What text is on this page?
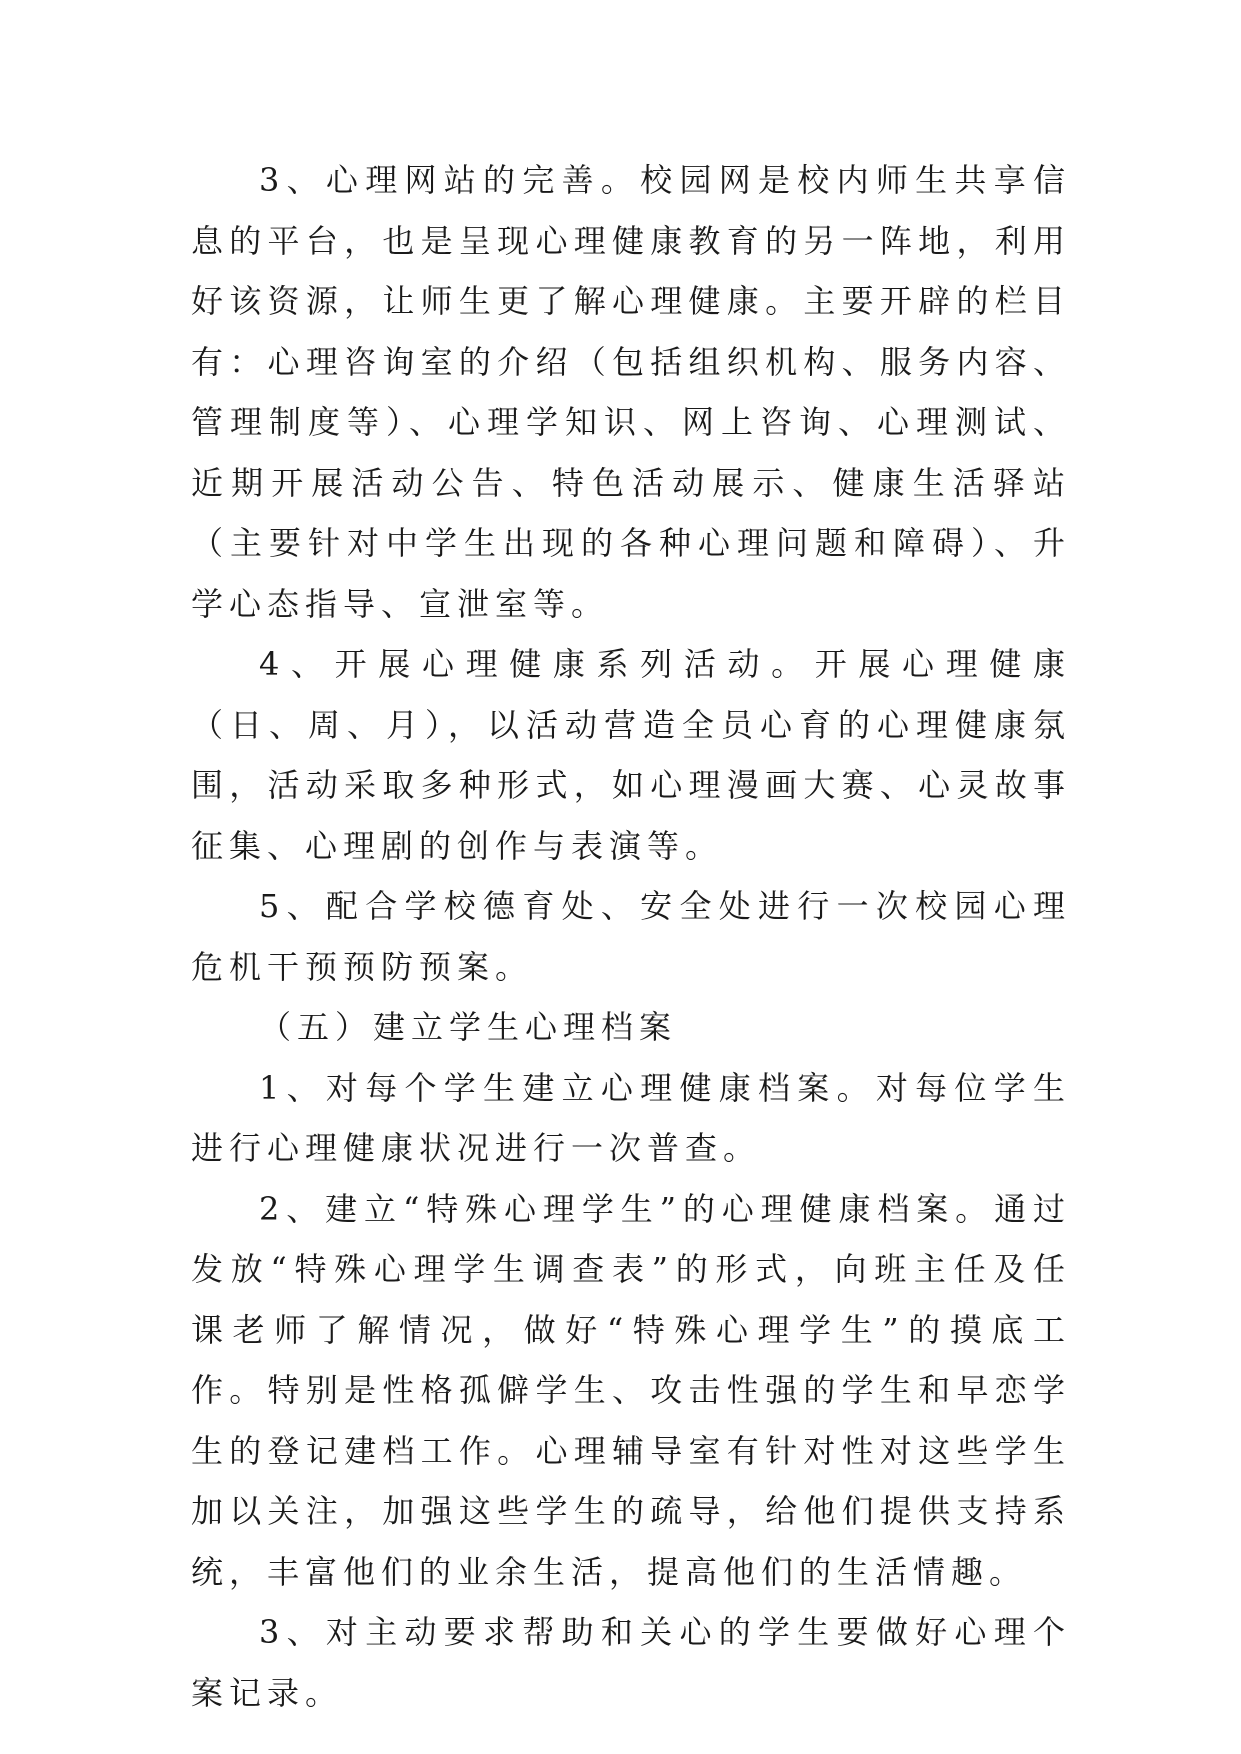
3、心理网站的完善。校园网是校内师生共享信息的平台，也是呈现心理健康教育的另一阵地，利用好该资源，让师生更了解心理健康。主要开辟的栏目有：心理咨询室的介绍（包括组织机构、服务内容、管理制度等）、心理学知识、网上咨询、心理测试、近期开展活动公告、特色活动展示、健康生活驿站（主要针对中学生出现的各种心理问题和障碍）、升学心态指导、宣泄室等。

4、开展心理健康系列活动。开展心理健康（日、周、月），以活动营造全员心育的心理健康氛围，活动采取多种形式，如心理漫画大赛、心灵故事征集、心理剧的创作与表演等。

5、配合学校德育处、安全处进行一次校园心理危机干预预防预案。

（五）建立学生心理档案

1、对每个学生建立心理健康档案。对每位学生进行心理健康状况进行一次普查。

2、建立“特殊心理学生”的心理健康档案。通过发放“特殊心理学生调查表”的形式，向班主任及任课老师了解情况，做好“特殊心理学生”的摸底工作。特别是性格孤僻学生、攻击性强的学生和早恋学生的登记建档工作。心理辅导室有针对性对这些学生加以关注，加强这些学生的疏导，给他们提供支持系统，丰富他们的业余生活，提高他们的生活情趣。

3、对主动要求帮助和关心的学生要做好心理个案记录。
